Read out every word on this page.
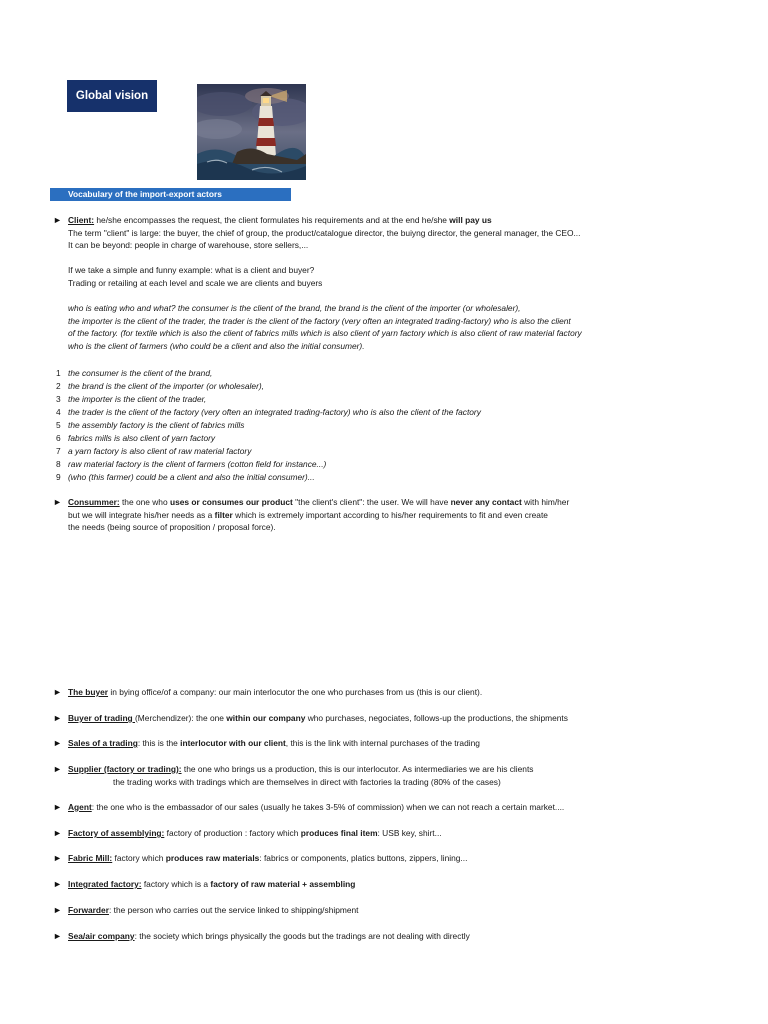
Global vision
Vocabulary of the import-export actors
► Client: he/she encompasses the request, the client formulates his requirements and at the end he/she will pay us
The term "client" is large: the buyer, the chief of group, the product/catalogue director, the buiyng director, the general manager, the CEO...
It can be beyond: people in charge of warehouse, store sellers,...
If we take a simple and funny example: what is a client and buyer?
Trading or retailing at each level and scale we are clients and buyers
who is eating who and what? the consumer is the client of the brand, the brand is the client of the importer (or wholesaler),
the importer is the client of the trader, the trader is the client of the factory (very often an integrated trading-factory) who is also the client
of the factory. (for textile which is also the client of fabrics mills which is also client of yarn factory which is also client of raw material factory
who is the client of farmers (who could be a client and also the initial consumer).
1 the consumer is the client of the brand,
2 the brand is the client of the importer (or wholesaler),
3 the importer is the client of the trader,
4 the trader is the client of the factory (very often an integrated trading-factory) who is also the client of the factory
5 the assembly factory is the client of fabrics mills
6 fabrics mills is also client of yarn factory
7 a yarn factory is also client of raw material factory
8 raw material factory is the client of farmers (cotton field for instance...)
9 (who (this farmer) could be a client and also the initial consumer)...
► Consummer: the one who uses or consumes our product "the client's client": the user. We will have never any contact with him/her
but we will integrate his/her needs as a filter which is extremely important according to his/her requirements to fit and even create
the needs (being source of proposition / proposal force).
► The buyer in bying office/of a company: our main interlocutor the one who purchases from us (this is our client).
► Buyer of trading (Merchendizer): the one within our company who purchases, negociates, follows-up the productions, the shipments
► Sales of a trading: this is the interlocutor with our client, this is the link with internal purchases of the trading
► Supplier (factory or trading): the one who brings us a production, this is our interlocutor. As intermediaries we are his clients
the trading works with tradings which are themselves in direct with factories la trading (80% of the cases)
► Agent: the one who is the embassador of our sales (usually he takes 3-5% of commission) when we can not reach a certain market....
► Factory of assemblying: factory of production : factory which produces final item: USB key, shirt...
► Fabric Mill: factory which produces raw materials: fabrics or components, platics buttons, zippers, lining...
► Integrated factory: factory which is a factory of raw material + assembling
► Forwarder: the person who carries out the service linked to shipping/shipment
► Sea/air company: the society which brings physically the goods but the tradings are not dealing with directly
